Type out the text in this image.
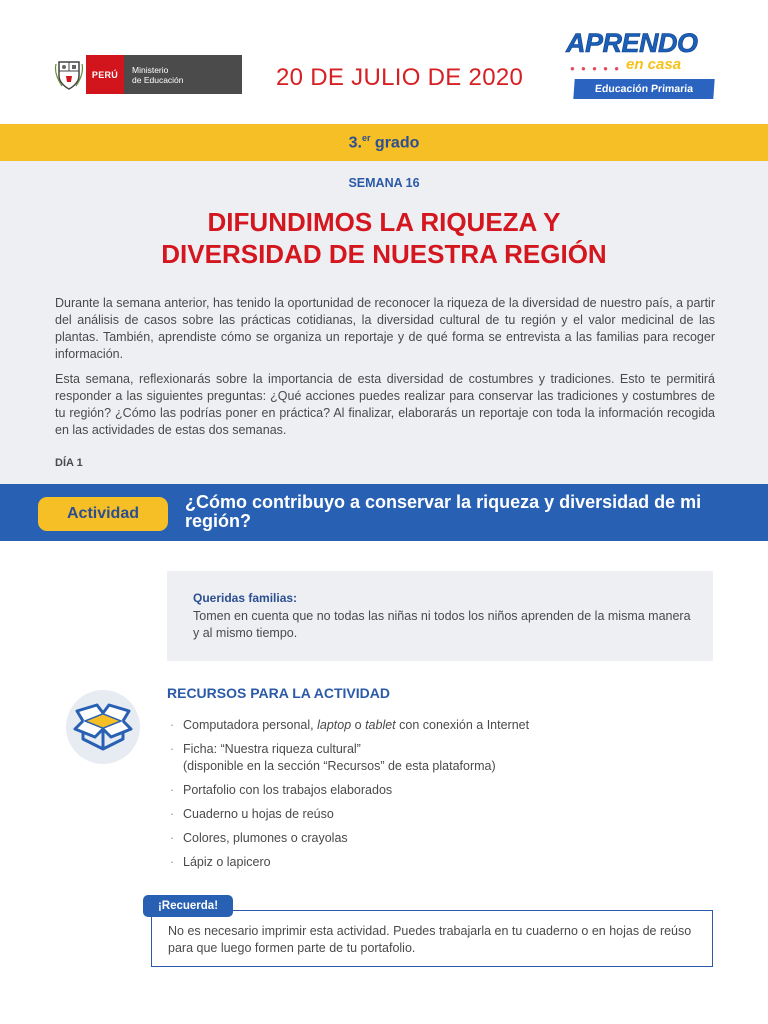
PERÚ	Ministerio
de Educación	20 DE JULIO DE 2020
APRENDO
● ● ● ● ● en casa
Educación Primaria
3.$^{er}$ grado
SEMANA 16
DIFUNDIMOS LA RIQUEZA Y
DIVERSIDAD DE NUESTRA REGIÓN

Durante la semana anterior, has tenido la oportunidad de reconocer la riqueza de la diversidad de nuestro país, a partir del análisis de casos sobre las prácticas cotidianas, la diversidad cultural de tu región y el valor medicinal de las plantas. También, aprendiste cómo se organiza un reportaje y de qué forma se entrevista a las familias para recoger información.

Esta semana, reflexionarás sobre la importancia de esta diversidad de costumbres y tradiciones. Esto te permitirá responder a las siguientes preguntas: ¿Qué acciones puedes realizar para conservar las tradiciones y costumbres de tu región? ¿Cómo las podrías poner en práctica? Al finalizar, elaborarás un reportaje con toda la información recogida en las actividades de estas dos semanas.

DÍA 1
Actividad
¿Cómo contribuyo a conservar la riqueza y diversidad de mi región?
Queridas familias:
Tomen en cuenta que no todas las niñas ni todos los niños aprenden de la misma manera y al mismo tiempo.
RECURSOS PARA LA ACTIVIDAD
· Computadora personal, laptop o tablet con conexión a Internet
· Ficha: “Nuestra riqueza cultural”
(disponible en la sección “Recursos” de esta plataforma)
· Portafolio con los trabajos elaborados
· Cuaderno u hojas de reúso
· Colores, plumones o crayolas
· Lápiz o lapicero
¡Recuerda!
No es necesario imprimir esta actividad. Puedes trabajarla en tu cuaderno o en hojas de reúso para que luego formen parte de tu portafolio.
